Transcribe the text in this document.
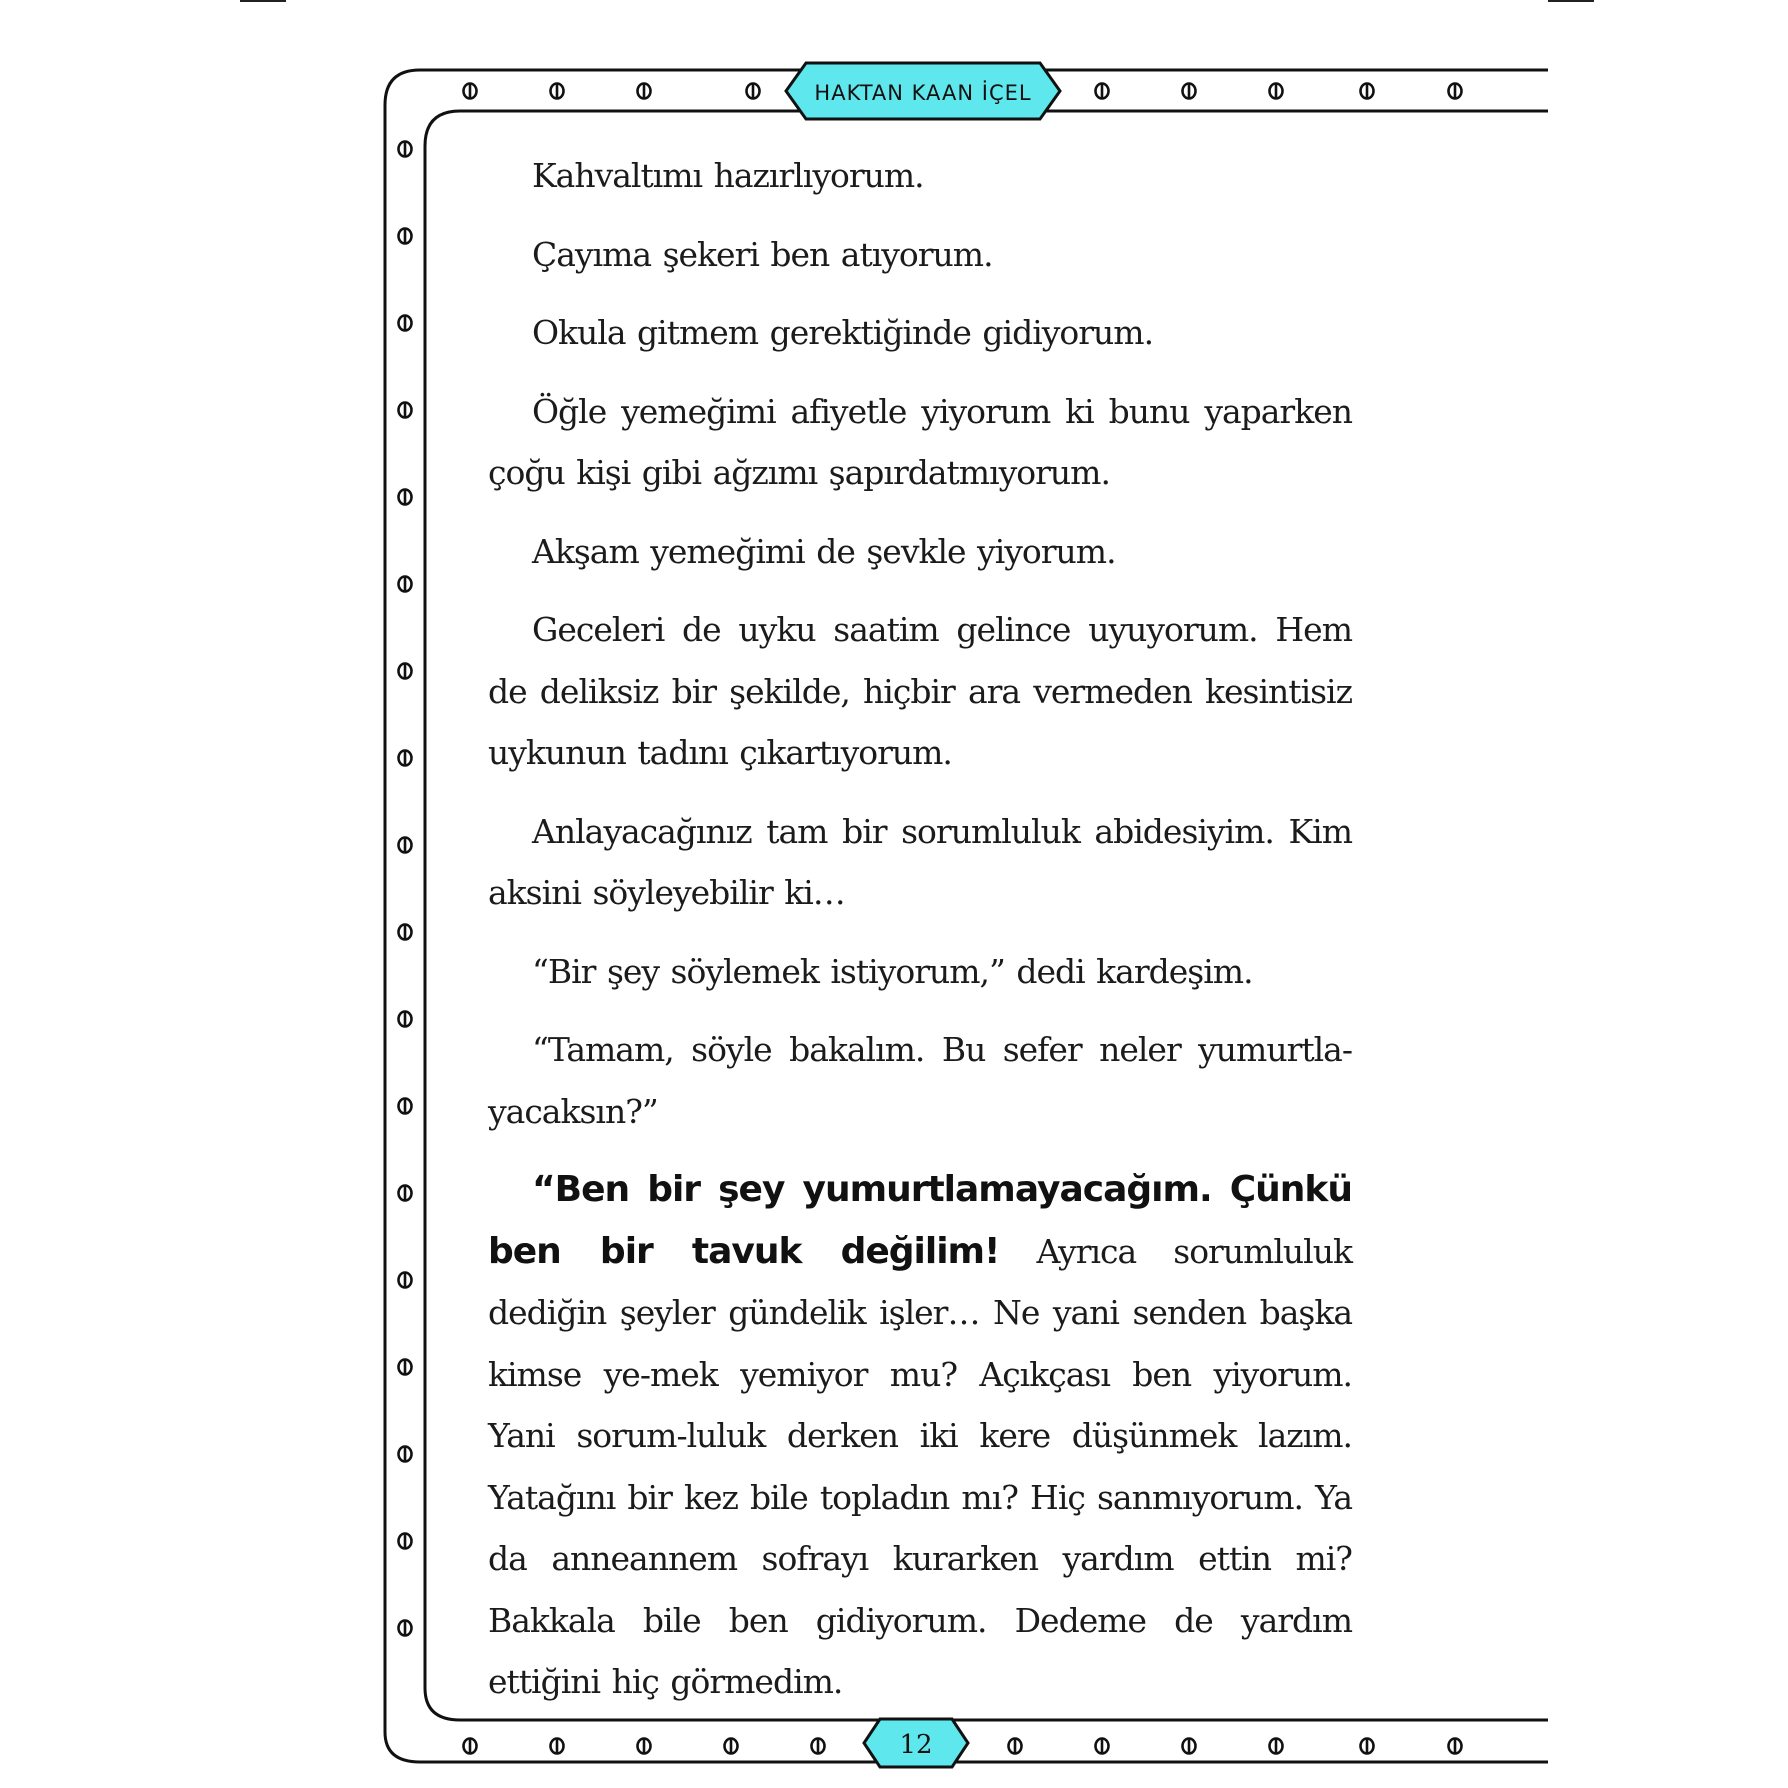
HAKTAN KAAN İÇEL
12

Kahvaltımı hazırlıyorum.

Çayıma şekeri ben atıyorum.

Okula gitmem gerektiğinde gidiyorum.

Öğle yemeğimi afiyetle yiyorum ki bunu yaparken çoğu kişi gibi ağzımı şapırdatmıyorum.

Akşam yemeğimi de şevkle yiyorum.

Geceleri de uyku saatim gelince uyuyorum. Hem de deliksiz bir şekilde, hiçbir ara vermeden kesintisiz uykunun tadını çıkartıyorum.

Anlayacağınız tam bir sorumluluk abidesiyim. Kim aksini söyleyebilir ki…

“Bir şey söylemek istiyorum,” dedi kardeşim.

“Tamam, söyle bakalım. Bu sefer neler yumurtla-yacaksın?”

“Ben bir şey yumurtlamayacağım. Çünkü ben bir tavuk değilim! Ayrıca sorumluluk dediğin şeyler gündelik işler… Ne yani senden başka kimse ye-mek yemiyor mu? Açıkçası ben yiyorum. Yani sorum-luluk derken iki kere düşünmek lazım. Yatağını bir kez bile topladın mı? Hiç sanmıyorum. Ya da anneannem sofrayı kurarken yardım ettin mi? Bakkala bile ben gidiyorum. Dedeme de yardım ettiğini hiç görmedim.
